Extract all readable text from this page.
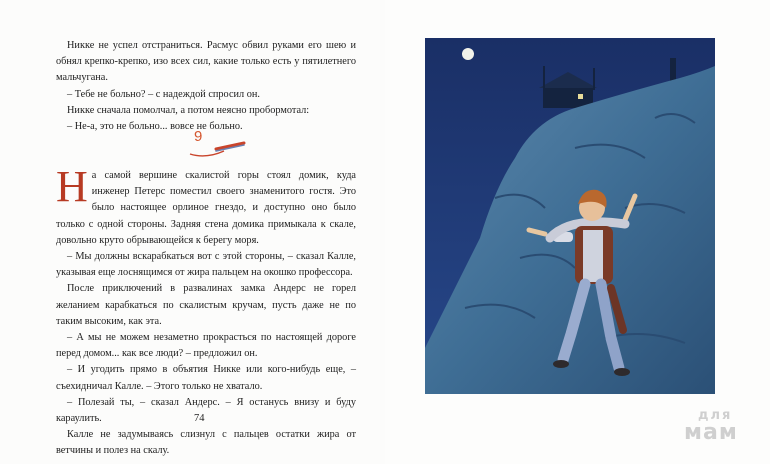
Никке не успел отстраниться. Расмус обвил руками его шею и обнял крепко-крепко, изо всех сил, какие только есть у пятилетнего мальчугана.

– Тебе не больно? – с надеждой спросил он.

Никке сначала помолчал, а потом неясно пробормотал:

– Не-а, это не больно... вовсе не больно.

9

На самой вершине скалистой горы стоял домик, куда инженер Петерс поместил своего знаменитого гостя. Это было настоящее орлиное гнездо, и доступно оно было только с одной стороны. Задняя стена домика примыкала к скале, довольно круто обрывающейся к берегу моря.

– Мы должны вскарабкаться вот с этой стороны, – сказал Калле, указывая еще лоснящимся от жира пальцем на окошко профессора.

После приключений в развалинах замка Андерс не горел желанием карабкаться по скалистым кручам, пусть даже не по таким высоким, как эта.

– А мы не можем незаметно прокрасться по настоящей дороге перед домом... как все люди? – предложил он.

– И угодить прямо в объятия Никке или кого-нибудь еще, – съехидничал Калле. – Этого только не хватало.

– Полезай ты, – сказал Андерс. – Я останусь внизу и буду караулить.

Калле не задумываясь слизнул с пальцев остатки жира от ветчины и полез на скалу.

74	для
мам
